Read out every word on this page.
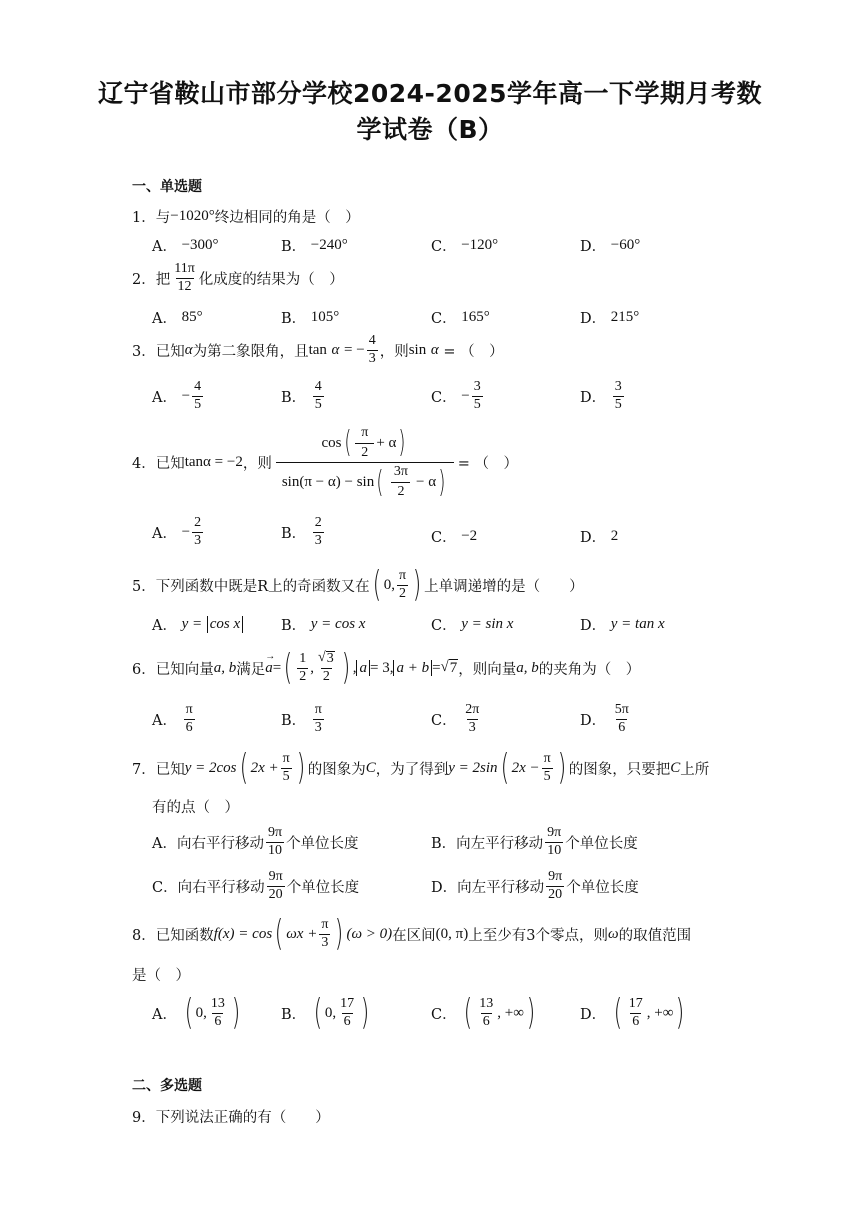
辽宁省鞍山市部分学校2024-2025学年高一下学期月考数
学试卷（B）
一、单选题
1． 与 −1020° 终边相同的角是（　）
A．
−300°	B．
−240°	C．
−120°	D．
−60°
2． 把 $\frac{11\pi}{12}$ 化成度的结果为（　）
A．
85°	B．
105°	C．
165°	D．
215°
3． 已知 α 为第二象限角，且 tan
α
= − $\frac{4}{3}$ ，则 sin
α
= （　）
A．
− $\frac{4}{5}$	B．
$\frac{4}{5}$	C．
− $\frac{3}{5}$	D．
$\frac{3}{5}$
4． 已知 tanα = −2 ，则 $\frac{\cos ( \frac{\pi}{2} + \alpha )}{\sin(\pi - \alpha) - \sin ( \frac{3\pi}{2} - \alpha )}$ = （　）
A．
− $\frac{2}{3}$	B．
$\frac{2}{3}$	C．
−2	D．
2
5． 下列函数中既是R上的奇函数又在 ( 0, $\frac{\pi}{2}$ ) 上单调递增的是（　　）
A．
y =
cos x	B．
y = cos x	C．
y = sin x	D．
y = tan x
6． 已知向量 a, b 满足
→ a = ( $\frac{1}{2}$ , $\frac{√ 3}{2}$ ) , a = 3, a + b = √ 7 ，则向量 a, b 的夹角为（　）
A．
$\frac{\pi}{6}$	B．
$\frac{\pi}{3}$	C．
$\frac{2\pi}{3}$	D．
$\frac{5\pi}{6}$
7． 已知 y = 2cos ( $2x + \frac{\pi}{5}$ ) 的图象为 C ，为了得到 y = 2sin ( $2x - \frac{\pi}{5}$ ) 的图象，只要把 C 上所
有的点（　）
A．向右平行移动 $\frac{9\pi}{10}$ 个单位长度	B．向左平行移动 $\frac{9\pi}{10}$ 个单位长度
C．向右平行移动 $\frac{9\pi}{20}$ 个单位长度	D．向左平行移动 $\frac{9\pi}{20}$ 个单位长度
8． 已知函数 f(x) = cos ( $\omega x + \frac{\pi}{3}$ ) (ω > 0) 在区间 (0, π) 上至少有3个零点，则 ω 的取值范围
是（　）
A．
( 0, $\frac{13}{6}$ )	B．
( 0, $\frac{17}{6}$ )	C．
( $\frac{13}{6}$ , +∞ )	D．
( $\frac{17}{6}$ , +∞ )
二、多选题
9． 下列说法正确的有（　　）
